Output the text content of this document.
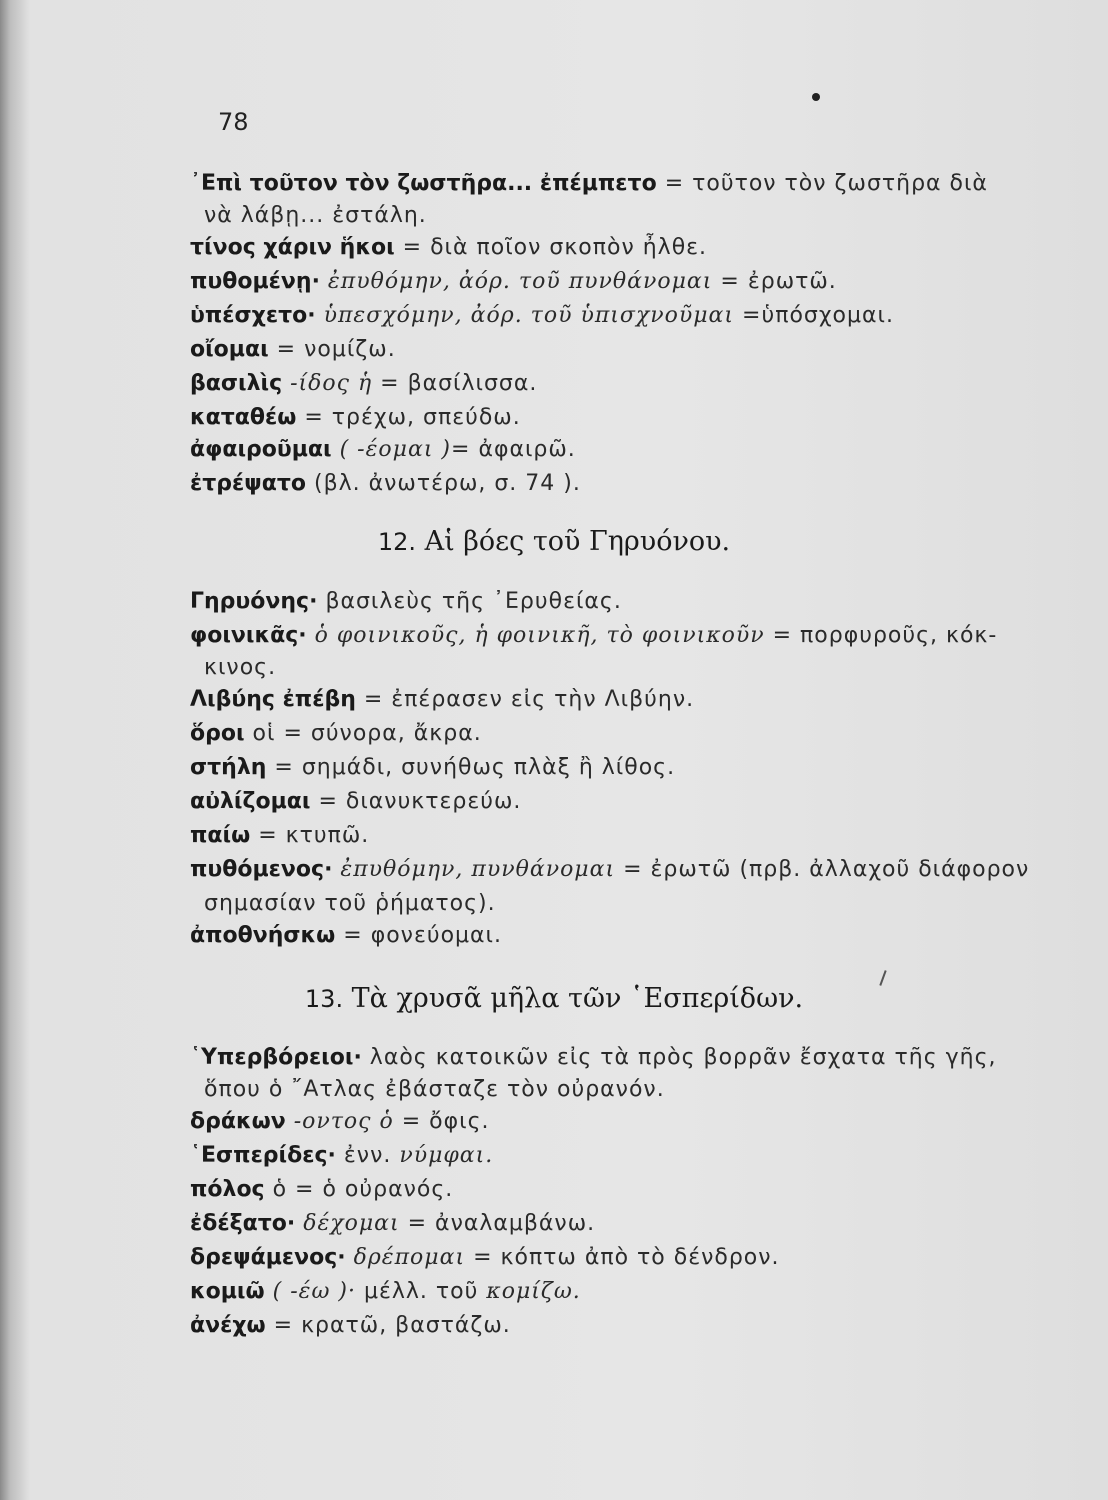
78
᾿Επὶ τοῦτον τὸν ζωστῆρα... ἐπέμπετο = τοῦτον τὸν ζωστῆρα διὰ
νὰ λάβῃ... ἐστάλη.
τίνος χάριν ἥκοι = διὰ ποῖον σκοπὸν ἦλθε.
πυθομένῃ· ἐπυθόμην, ἀόρ. τοῦ πυνθάνομαι = ἐρωτῶ.
ὑπέσχετο· ὑπεσχόμην, ἀόρ. τοῦ ὑπισχνοῦμαι =ὑπόσχομαι.
οἴομαι = νομίζω.
βασιλὶς -ίδος ἡ = βασίλισσα.
καταθέω = τρέχω, σπεύδω.
ἀφαιροῦμαι ( -έομαι )= ἀφαιρῶ.
ἐτρέψατο (βλ. ἀνωτέρω, σ. 74 ).
12. Αἱ βόες τοῦ Γηρυόνου.
Γηρυόνης· βασιλεὺς τῆς ᾿Ερυθείας.
φοινικᾶς· ὁ φοινικοῦς, ἡ φοινικῆ, τὸ φοινικοῦν = πορφυροῦς, κόκ-
κινος.
Λιβύης ἐπέβη = ἐπέρασεν εἰς τὴν Λιβύην.
ὅροι οἱ = σύνορα, ἄκρα.
στήλη = σημάδι, συνήθως πλὰξ ἢ λίθος.
αὐλίζομαι = διανυκτερεύω.
παίω = κτυπῶ.
πυθόμενος· ἐπυθόμην, πυνθάνομαι = ἐρωτῶ (πρβ. ἀλλαχοῦ διάφορον
σημασίαν τοῦ ῥήματος).
ἀποθνήσκω = φονεύομαι.
13. Τὰ χρυσᾶ μῆλα τῶν ῾Εσπερίδων.
῾Υπερβόρειοι· λαὸς κατοικῶν εἰς τὰ πρὸς βορρᾶν ἔσχατα τῆς γῆς,
ὅπου ὁ ῎Ατλας ἐβάσταζε τὸν οὐρανόν.
δράκων -οντος ὁ = ὄφις.
῾Εσπερίδες· ἐνν. νύμφαι.
πόλος ὁ = ὁ οὐρανός.
ἐδέξατο· δέχομαι = ἀναλαμβάνω.
δρεψάμενος· δρέπομαι = κόπτω ἀπὸ τὸ δένδρον.
κομιῶ ( -έω )· μέλλ. τοῦ κομίζω.
ἀνέχω = κρατῶ, βαστάζω.
